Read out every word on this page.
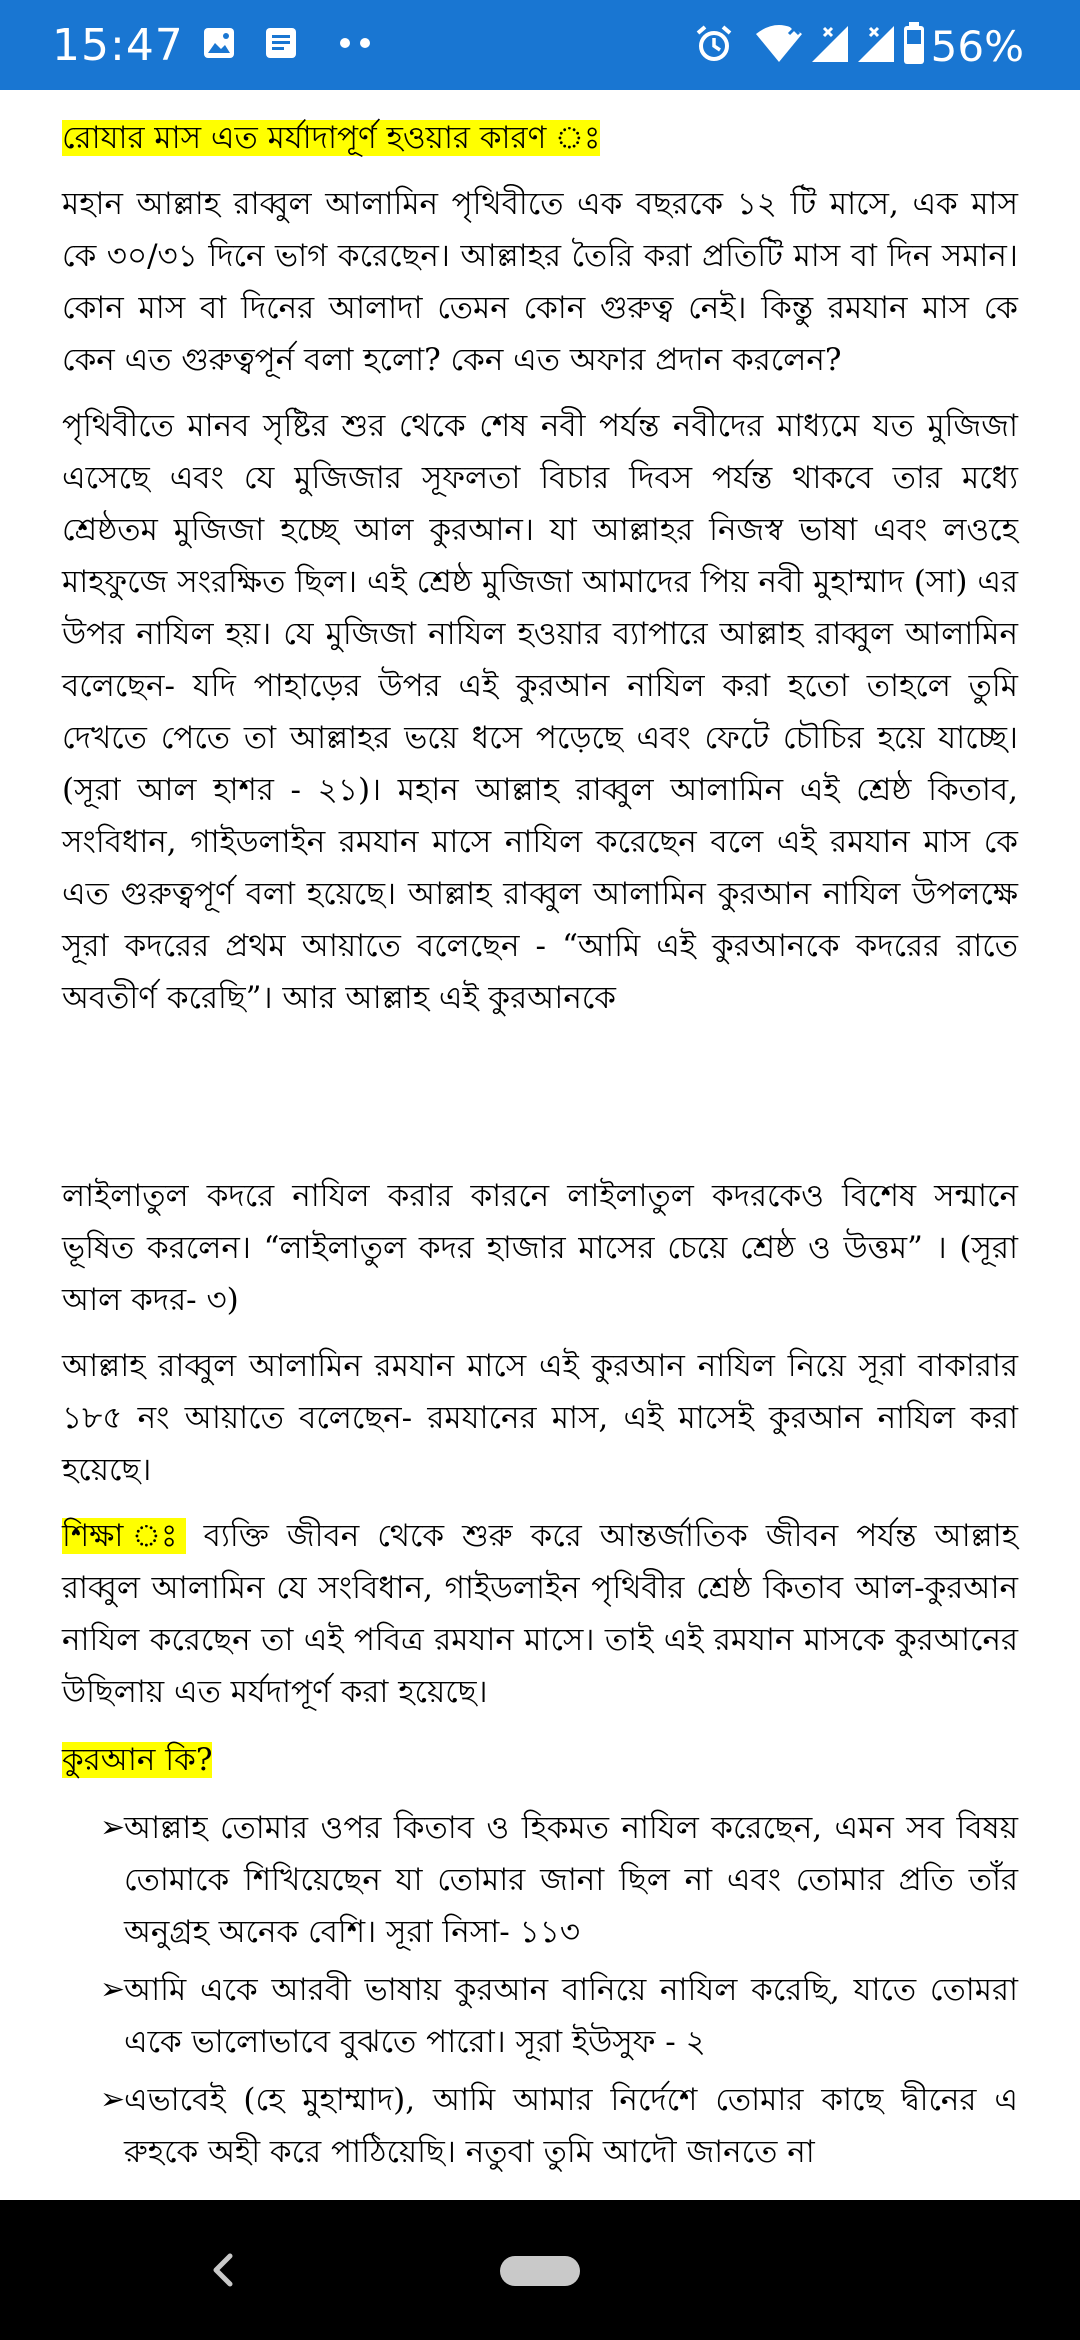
15:47	56%
রোযার মাস এত মর্যাদাপূর্ণ হওয়ার কারণ ঃ

মহান আল্লাহ রাব্বুল আলামিন পৃথিবীতে এক বছরকে ১২ টি মাসে, এক মাস কে ৩০/৩১ দিনে ভাগ করেছেন। আল্লাহর তৈরি করা প্রতিটি মাস বা দিন সমান। কোন মাস বা দিনের আলাদা তেমন কোন গুরুত্ব নেই। কিন্তু রমযান মাস কে কেন এত গুরুত্বপূর্ন বলা হলো? কেন এত অফার প্রদান করলেন?

পৃথিবীতে মানব সৃষ্টির শুর থেকে শেষ নবী পর্যন্ত নবীদের মাধ্যমে যত মুজিজা এসেছে এবং যে মুজিজার সূফলতা বিচার দিবস পর্যন্ত থাকবে তার মধ্যে শ্রেষ্ঠতম মুজিজা হচ্ছে আল কুরআন। যা আল্লাহর নিজস্ব ভাষা এবং লওহে মাহফুজে সংরক্ষিত ছিল। এই শ্রেষ্ঠ মুজিজা আমাদের পিয় নবী মুহাম্মাদ (সা) এর উপর নাযিল হয়। যে মুজিজা নাযিল হওয়ার ব্যাপারে আল্লাহ রাব্বুল আলামিন বলেছেন- যদি পাহাড়ের উপর এই কুরআন নাযিল করা হতো তাহলে তুমি দেখতে পেতে তা আল্লাহর ভয়ে ধসে পড়েছে এবং ফেটে চৌচির হয়ে যাচ্ছে।(সূরা আল হাশর - ২১)। মহান আল্লাহ রাব্বুল আলামিন এই শ্রেষ্ঠ কিতাব, সংবিধান, গাইডলাইন রমযান মাসে নাযিল করেছেন বলে এই রমযান মাস কে এত গুরুত্বপূর্ণ বলা হয়েছে। আল্লাহ রাব্বুল আলামিন কুরআন নাযিল উপলক্ষে সূরা কদরের প্রথম আয়াতে বলেছেন - “আমি এই কুরআনকে কদরের রাতে অবতীর্ণ করেছি”। আর আল্লাহ এই কুরআনকে

লাইলাতুল কদরে নাযিল করার কারনে লাইলাতুল কদরকেও বিশেষ সন্মানে ভূষিত করলেন। “লাইলাতুল কদর হাজার মাসের চেয়ে শ্রেষ্ঠ ও উত্তম” । (সূরা আল কদর- ৩)

আল্লাহ রাব্বুল আলামিন রমযান মাসে এই কুরআন নাযিল নিয়ে সূরা বাকারার ১৮৫ নং আয়াতে বলেছেন- রমযানের মাস, এই মাসেই কুরআন নাযিল করা হয়েছে।

শিক্ষা ঃ ব্যক্তি জীবন থেকে শুরু করে আন্তর্জাতিক জীবন পর্যন্ত আল্লাহ রাব্বুল আলামিন যে সংবিধান, গাইডলাইন পৃথিবীর শ্রেষ্ঠ কিতাব আল-কুরআন নাযিল করেছেন তা এই পবিত্র রমযান মাসে। তাই এই রমযান মাসকে কুরআনের উছিলায় এত মর্যদাপূর্ণ করা হয়েছে।

কুরআন কি?
➢
আল্লাহ তোমার ওপর কিতাব ও হিকমত নাযিল করেছেন, এমন সব বিষয় তোমাকে শিখিয়েছেন যা তোমার জানা ছিল না এবং তোমার প্রতি তাঁর অনুগ্রহ অনেক বেশি। সূরা নিসা- ১১৩
➢
আমি একে আরবী ভাষায় কুরআন বানিয়ে নাযিল করেছি, যাতে তোমরা একে ভালোভাবে বুঝতে পারো। সূরা ইউসুফ - ২
➢
এভাবেই (হে মুহাম্মাদ), আমি আমার নির্দেশে তোমার কাছে দ্বীনের এ রুহকে অহী করে পাঠিয়েছি। নতুবা তুমি আদৌ জানতে না
